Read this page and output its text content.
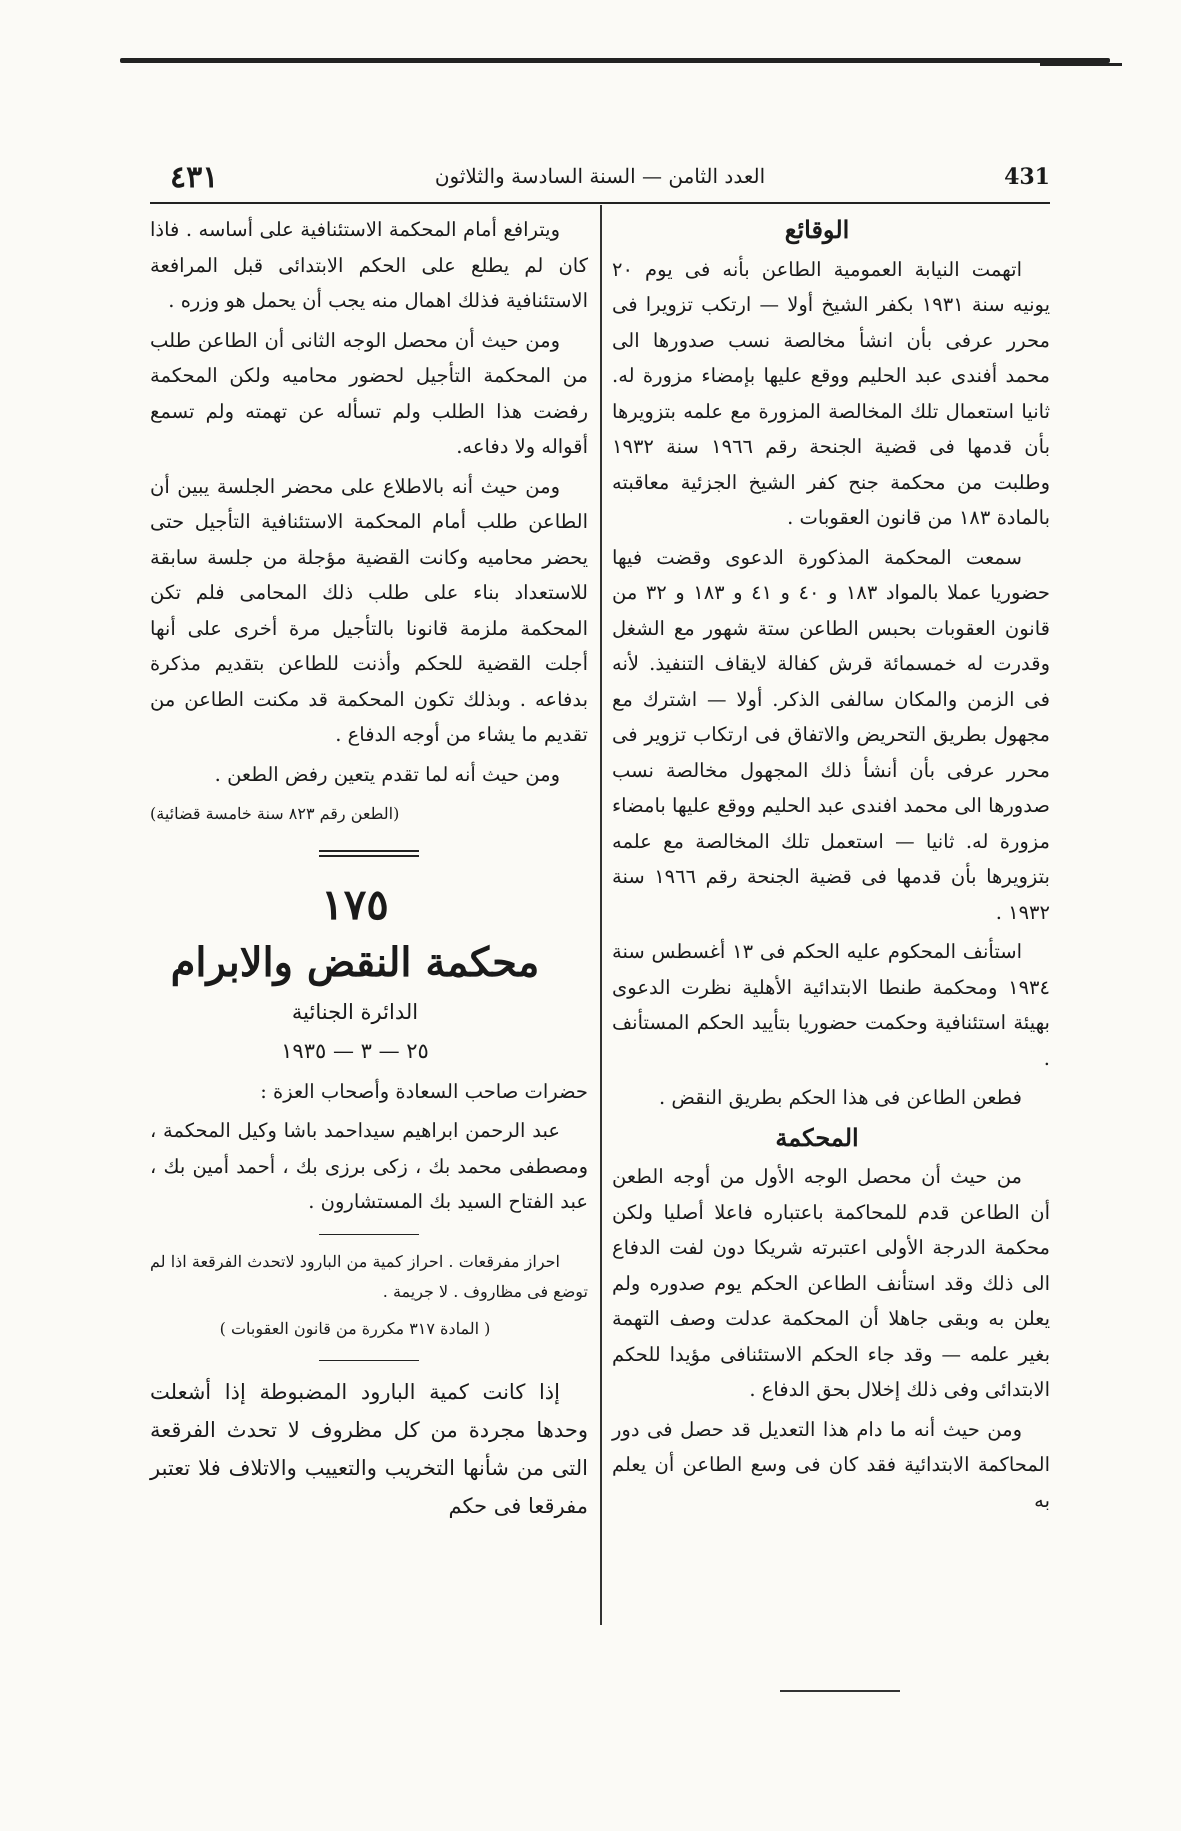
٤٣١	العدد الثامن — السنة السادسة والثلاثون	431

الوقائع

اتهمت النيابة العمومية الطاعن بأنه فى يوم ٢٠ يونيه سنة ١٩٣١ بكفر الشيخ أولا — ارتكب تزويرا فى محرر عرفى بأن انشأ مخالصة نسب صدورها الى محمد أفندى عبد الحليم ووقع عليها بإمضاء مزورة له. ثانيا استعمال تلك المخالصة المزورة مع علمه بتزويرها بأن قدمها فى قضية الجنحة رقم ١٩٦٦ سنة ١٩٣٢ وطلبت من محكمة جنح كفر الشيخ الجزئية معاقبته بالمادة ١٨٣ من قانون العقوبات .

سمعت المحكمة المذكورة الدعوى وقضت فيها حضوريا عملا بالمواد ١٨٣ و ٤٠ و ٤١ و ١٨٣ و ٣٢ من قانون العقوبات بحبس الطاعن ستة شهور مع الشغل وقدرت له خمسمائة قرش كفالة لايقاف التنفيذ. لأنه فى الزمن والمكان سالفى الذكر. أولا — اشترك مع مجهول بطريق التحريض والاتفاق فى ارتكاب تزوير فى محرر عرفى بأن أنشأ ذلك المجهول مخالصة نسب صدورها الى محمد افندى عبد الحليم ووقع عليها بامضاء مزورة له. ثانيا — استعمل تلك المخالصة مع علمه بتزويرها بأن قدمها فى قضية الجنحة رقم ١٩٦٦ سنة ١٩٣٢ .

استأنف المحكوم عليه الحكم فى ١٣ أغسطس سنة ١٩٣٤ ومحكمة طنطا الابتدائية الأهلية نظرت الدعوى بهيئة استئنافية وحكمت حضوريا بتأييد الحكم المستأنف .

فطعن الطاعن فى هذا الحكم بطريق النقض .

المحكمة

من حيث أن محصل الوجه الأول من أوجه الطعن أن الطاعن قدم للمحاكمة باعتباره فاعلا أصليا ولكن محكمة الدرجة الأولى اعتبرته شريكا دون لفت الدفاع الى ذلك وقد استأنف الطاعن الحكم يوم صدوره ولم يعلن به وبقى جاهلا أن المحكمة عدلت وصف التهمة بغير علمه — وقد جاء الحكم الاستئنافى مؤيدا للحكم الابتدائى وفى ذلك إخلال بحق الدفاع .

ومن حيث أنه ما دام هذا التعديل قد حصل فى دور المحاكمة الابتدائية فقد كان فى وسع الطاعن أن يعلم به

ويترافع أمام المحكمة الاستئنافية على أساسه . فاذا كان لم يطلع على الحكم الابتدائى قبل المرافعة الاستئنافية فذلك اهمال منه يجب أن يحمل هو وزره .

ومن حيث أن محصل الوجه الثانى أن الطاعن طلب من المحكمة التأجيل لحضور محاميه ولكن المحكمة رفضت هذا الطلب ولم تسأله عن تهمته ولم تسمع أقواله ولا دفاعه.

ومن حيث أنه بالاطلاع على محضر الجلسة يبين أن الطاعن طلب أمام المحكمة الاستئنافية التأجيل حتى يحضر محاميه وكانت القضية مؤجلة من جلسة سابقة للاستعداد بناء على طلب ذلك المحامى فلم تكن المحكمة ملزمة قانونا بالتأجيل مرة أخرى على أنها أجلت القضية للحكم وأذنت للطاعن بتقديم مذكرة بدفاعه . وبذلك تكون المحكمة قد مكنت الطاعن من تقديم ما يشاء من أوجه الدفاع .

ومن حيث أنه لما تقدم يتعين رفض الطعن .

(الطعن رقم ٨٢٣ سنة خامسة قضائية)

١٧٥

محكمة النقض والابرام

الدائرة الجنائية

٢٥ — ٣ — ١٩٣٥

حضرات صاحب السعادة وأصحاب العزة :

عبد الرحمن ابراهيم سيداحمد باشا وكيل المحكمة ، ومصطفى محمد بك ، زكى برزى بك ، أحمد أمين بك ، عبد الفتاح السيد بك المستشارون .

احراز مفرقعات . احراز كمية من البارود لاتحدث الفرقعة اذا لم توضع فى مظاروف . لا جريمة .

( المادة ٣١٧ مكررة من قانون العقوبات )

إذا كانت كمية البارود المضبوطة إذا أشعلت وحدها مجردة من كل مظروف لا تحدث الفرقعة التى من شأنها التخريب والتعييب والاتلاف فلا تعتبر مفرقعا فى حكم
